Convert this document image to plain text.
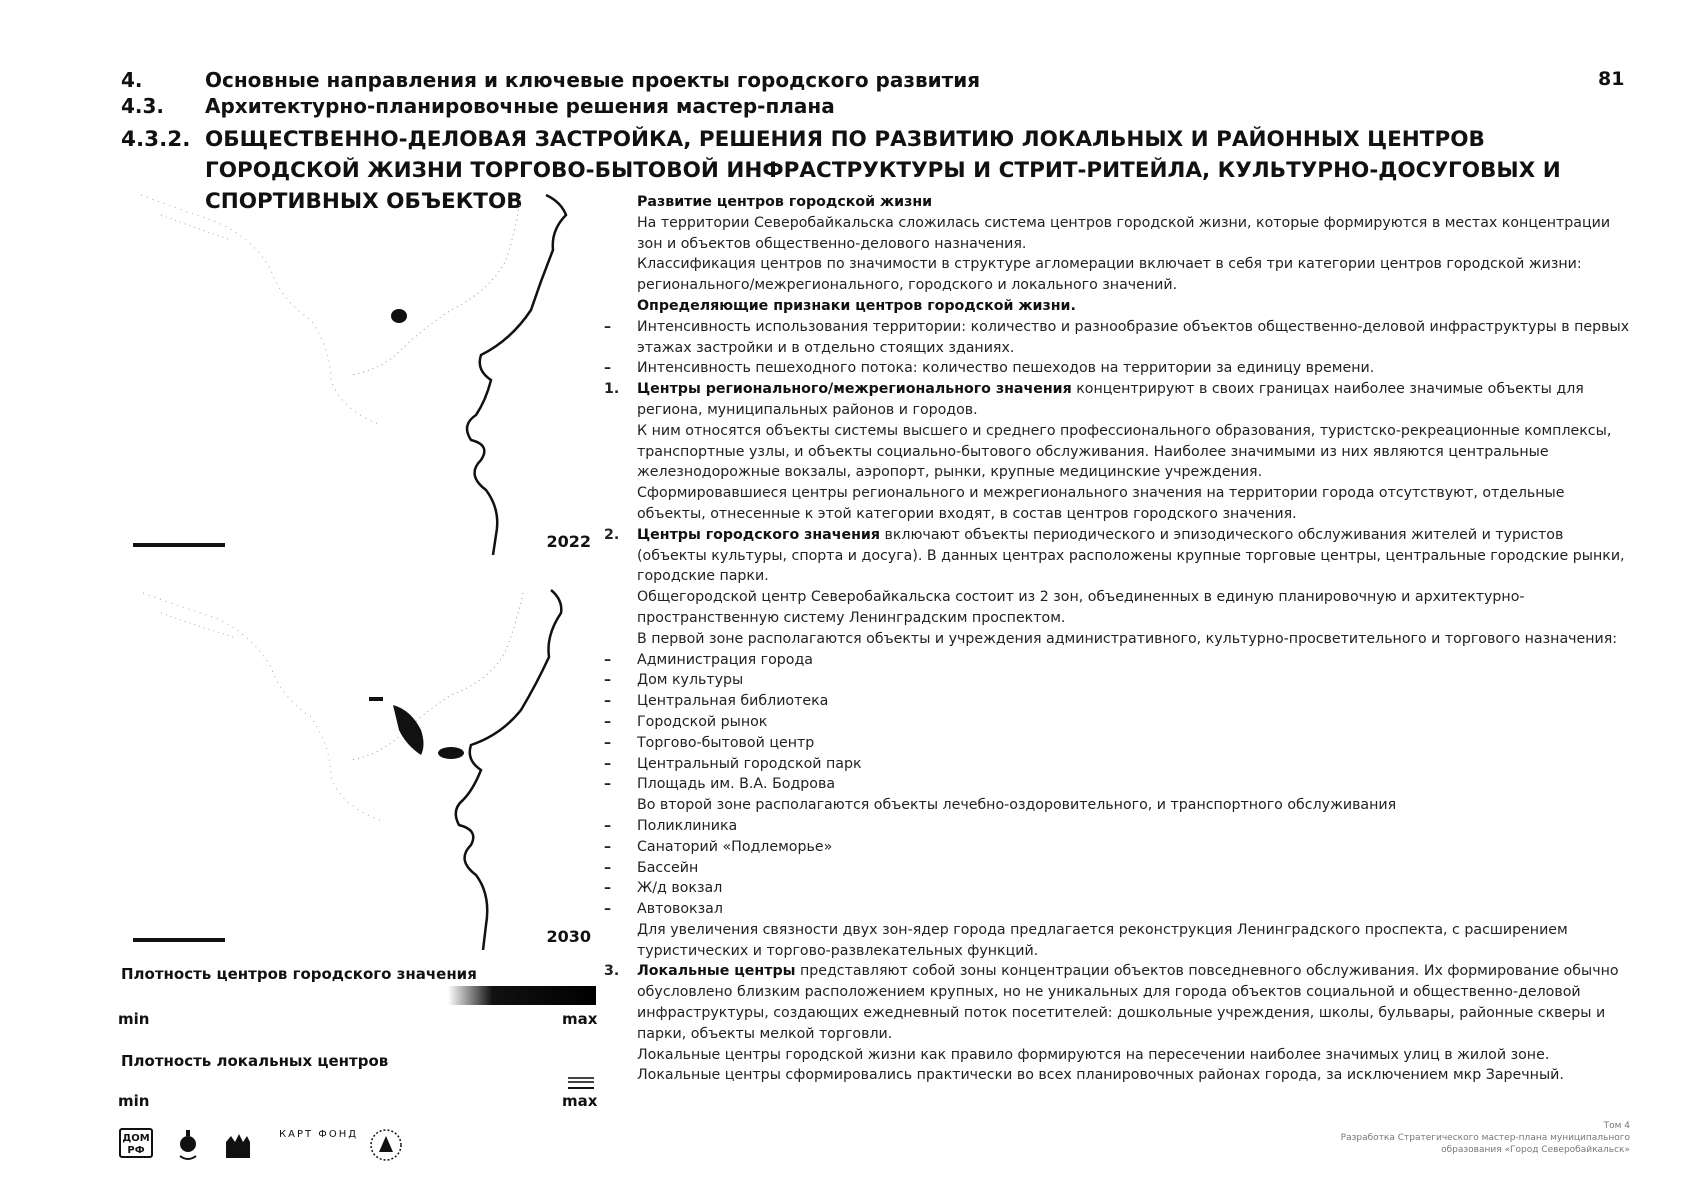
4.	Основные направления и ключевые проекты городского развития
4.3. Архитектурно-планировочные решения мастер-плана
4.3.2. ОБЩЕСТВЕННО-ДЕЛОВАЯ ЗАСТРОЙКА, РЕШЕНИЯ ПО РАЗВИТИЮ ЛОКАЛЬНЫХ И РАЙОННЫХ ЦЕНТРОВ ГОРОДСКОЙ ЖИЗНИ ТОРГОВО-БЫТОВОЙ ИНФРАСТРУКТУРЫ И СТРИТ-РИТЕЙЛА, КУЛЬТУРНО-ДОСУГОВЫХ И СПОРТИВНЫХ ОБЪЕКТОВ
81
2022
2030
Плотность центров городского значения
min	max
Плотность локальных центров
min	max
ДОМ РФ
КАРТ ФОНД

Развитие центров городской жизни

На территории Северобайкальска сложилась система центров городской жизни, которые формируются в местах концентрации зон и объектов общественно-делового назначения.

Классификация центров по значимости в структуре агломерации включает в себя три категории центров городской жизни: регионального/межрегионального, городского и локального значений.

Определяющие признаки центров городской жизни.

–	Интенсивность использования территории: количество и разнообразие объектов общественно-деловой инфраструктуры в первых этажах застройки и в отдельно стоящих зданиях.

–	Интенсивность пешеходного потока: количество пешеходов на территории за единицу времени.

1.	Центры регионального/межрегионального значения концентрируют в своих границах наиболее значимые объекты для региона, муниципальных районов и городов.

К ним относятся объекты системы высшего и среднего профессионального образования, туристско-рекреационные комплексы, транспортные узлы, и объекты социально-бытового обслуживания. Наиболее значимыми из них являются центральные железнодорожные вокзалы, аэропорт, рынки, крупные медицинские учреждения.

Сформировавшиеся центры регионального и межрегионального значения на территории города отсутствуют, отдельные объекты, отнесенные к этой категории входят, в состав центров городского значения.

2.	Центры городского значения включают объекты периодического и эпизодического обслуживания жителей и туристов (объекты культуры, спорта и досуга). В данных центрах расположены крупные торговые центры, центральные городские рынки, городские парки.

Общегородской центр Северобайкальска состоит из 2 зон, объединенных в единую планировочную и архитектурно-пространственную систему Ленинградским проспектом.

В первой зоне располагаются объекты и учреждения административного, культурно-просветительного и торгового назначения:

–	Администрация города

–	Дом культуры

–	Центральная библиотека

–	Городской рынок

–	Торгово-бытовой центр

–	Центральный городской парк

–	Площадь им. В.А. Бодрова

Во второй зоне располагаются объекты лечебно-оздоровительного, и транспортного обслуживания

–	Поликлиника

–	Санаторий «Подлеморье»

–	Бассейн

–	Ж/д вокзал

–	Автовокзал

Для увеличения связности двух зон-ядер города предлагается реконструкция Ленинградского проспекта, с расширением туристических и торгово-развлекательных функций.

3.	Локальные центры представляют собой зоны концентрации объектов повседневного обслуживания. Их формирование обычно обусловлено близким расположением крупных, но не уникальных для города объектов социальной и общественно-деловой инфраструктуры, создающих ежедневный поток посетителей: дошкольные учреждения, школы, бульвары, районные скверы и парки, объекты мелкой торговли.

Локальные центры городской жизни как правило формируются на пересечении наиболее значимых улиц в жилой зоне.

Локальные центры сформировались практически во всех планировочных районах города, за исключением мкр Заречный.

Том 4
Разработка Стратегического мастер-плана муниципального
образования «Город Северобайкальск»
